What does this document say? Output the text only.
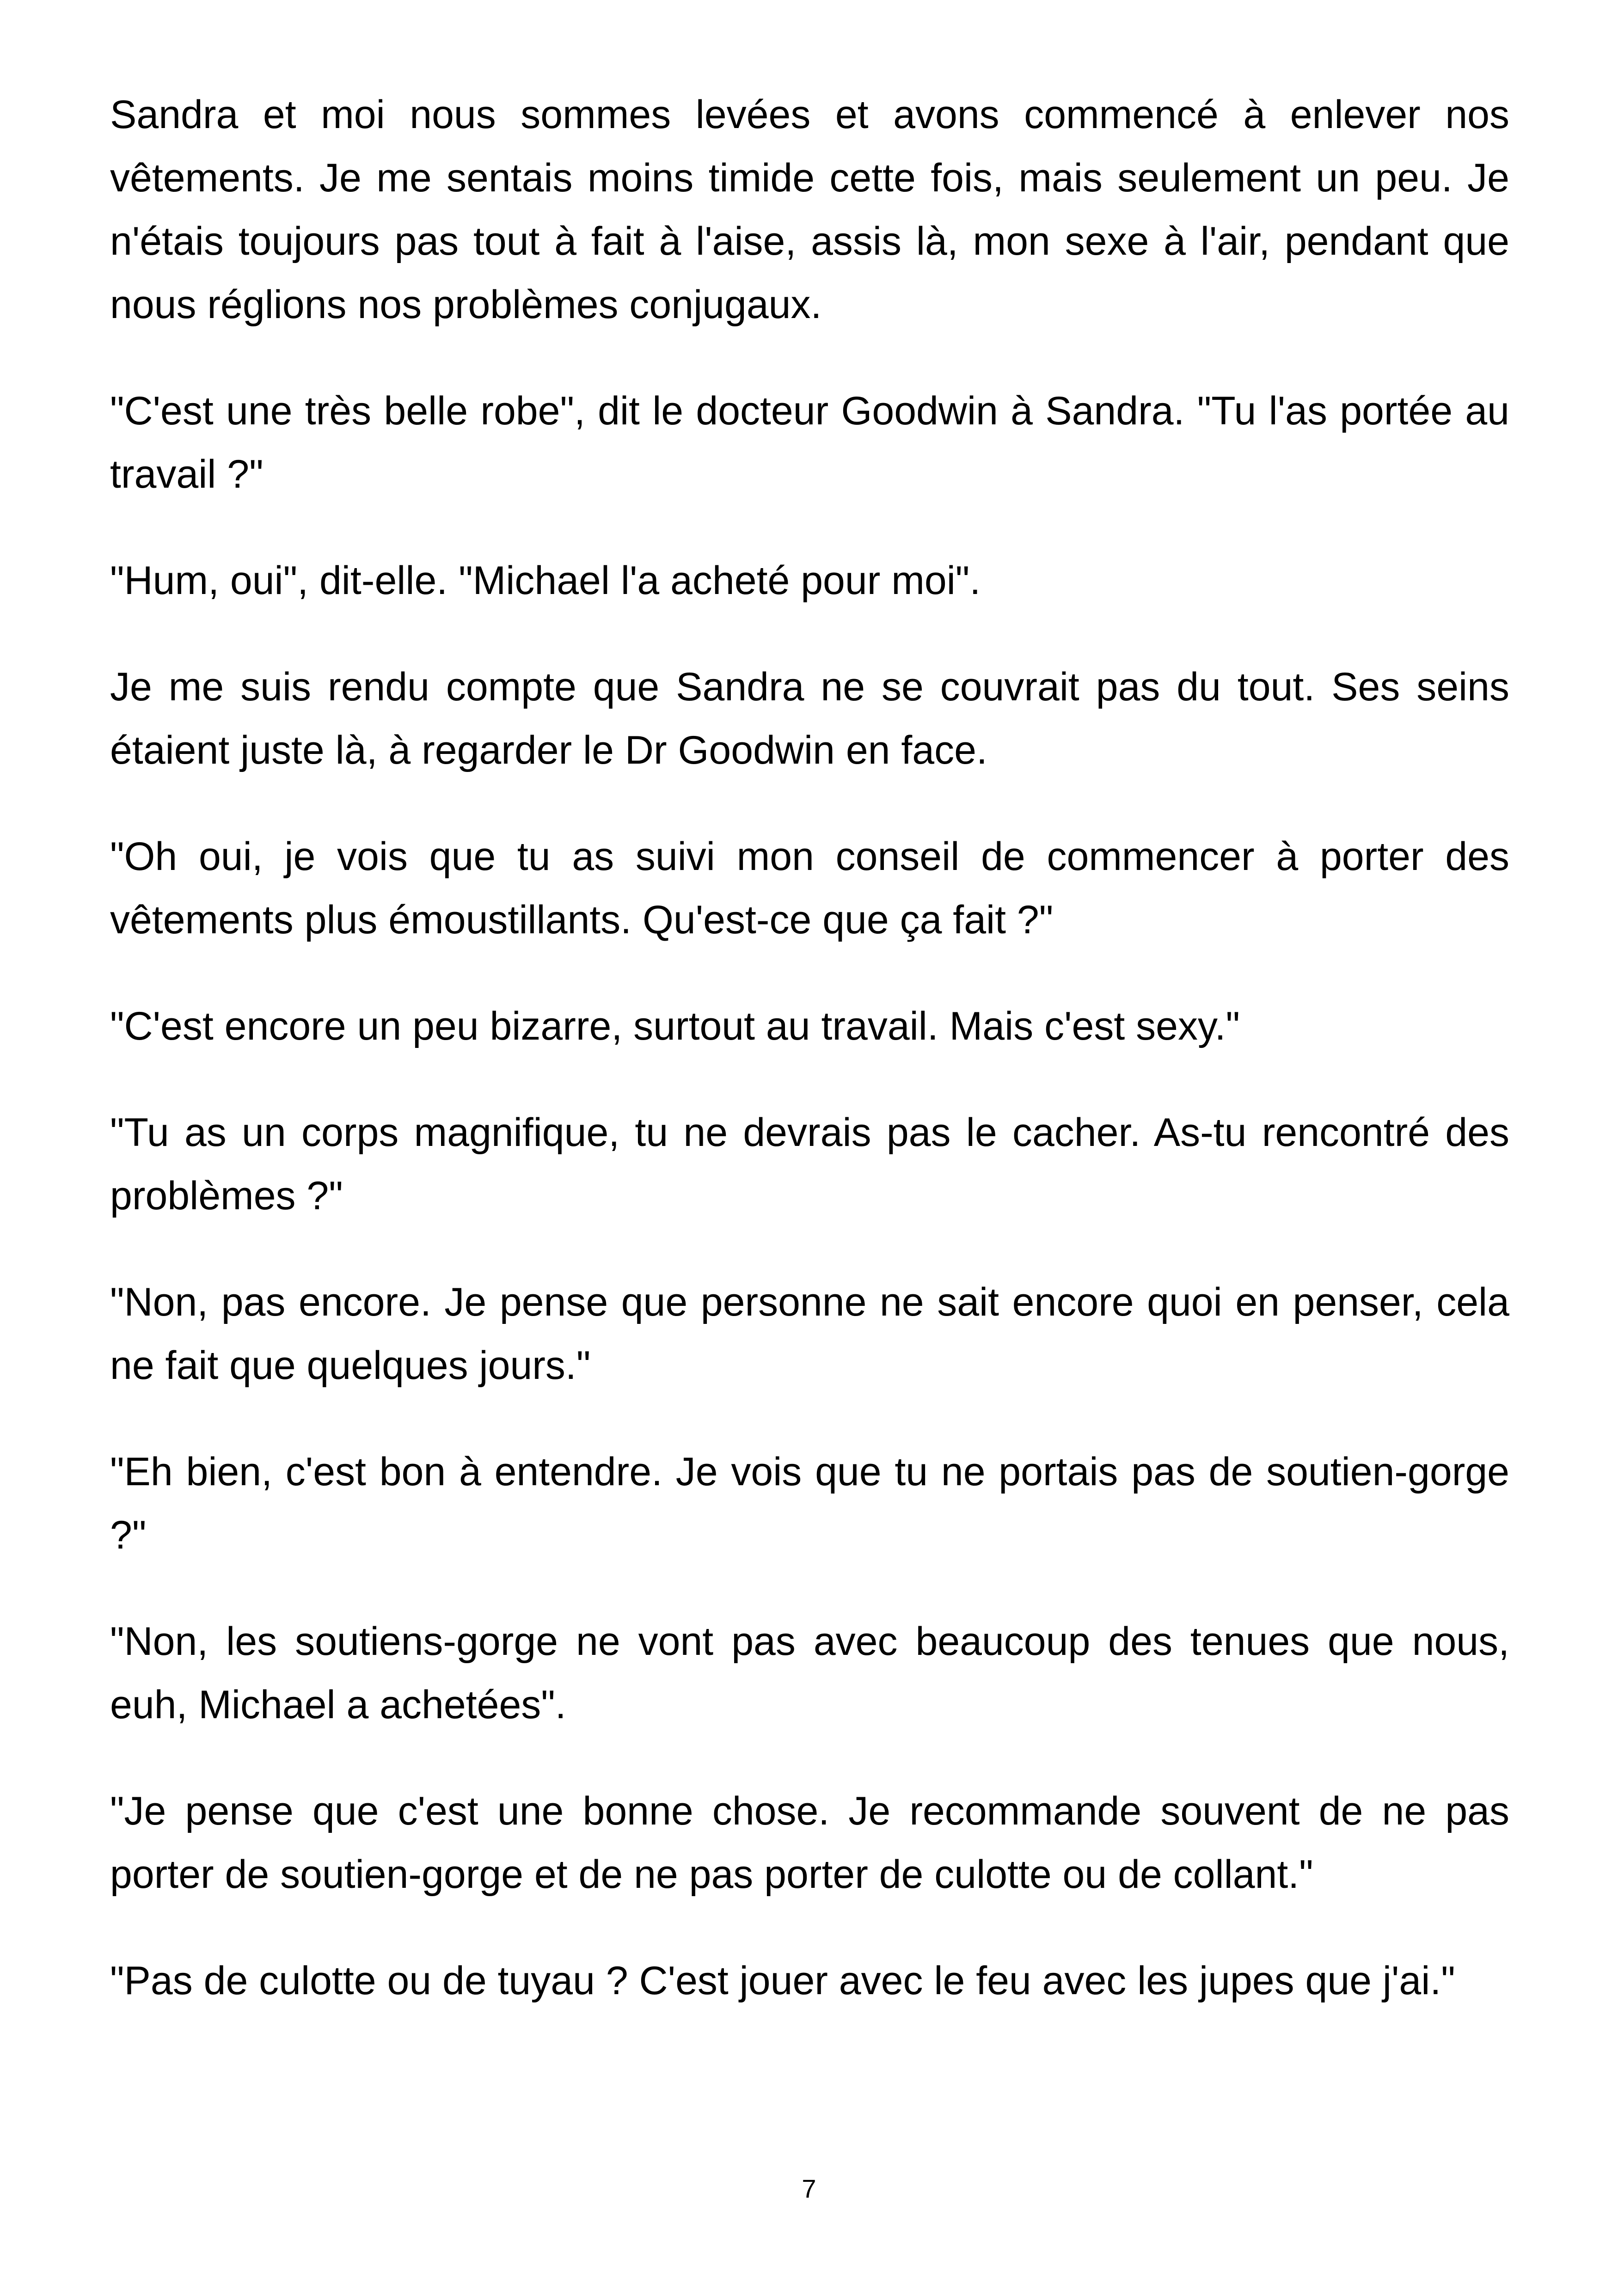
Sandra et moi nous sommes levées et avons commencé à enlever nos vêtements. Je me sentais moins timide cette fois, mais seulement un peu. Je n'étais toujours pas tout à fait à l'aise, assis là, mon sexe à l'air, pendant que nous réglions nos problèmes conjugaux.

"C'est une très belle robe", dit le docteur Goodwin à Sandra. "Tu l'as portée au travail ?"

"Hum, oui", dit-elle. "Michael l'a acheté pour moi".

Je me suis rendu compte que Sandra ne se couvrait pas du tout. Ses seins étaient juste là, à regarder le Dr Goodwin en face.

"Oh oui, je vois que tu as suivi mon conseil de commencer à porter des vêtements plus émoustillants. Qu'est-ce que ça fait ?"

"C'est encore un peu bizarre, surtout au travail. Mais c'est sexy."

"Tu as un corps magnifique, tu ne devrais pas le cacher. As-tu rencontré des problèmes ?"

"Non, pas encore. Je pense que personne ne sait encore quoi en penser, cela ne fait que quelques jours."

"Eh bien, c'est bon à entendre. Je vois que tu ne portais pas de soutien-gorge ?"

"Non, les soutiens-gorge ne vont pas avec beaucoup des tenues que nous, euh, Michael a achetées".

"Je pense que c'est une bonne chose. Je recommande souvent de ne pas porter de soutien-gorge et de ne pas porter de culotte ou de collant."

"Pas de culotte ou de tuyau ? C'est jouer avec le feu avec les jupes que j'ai."

7
